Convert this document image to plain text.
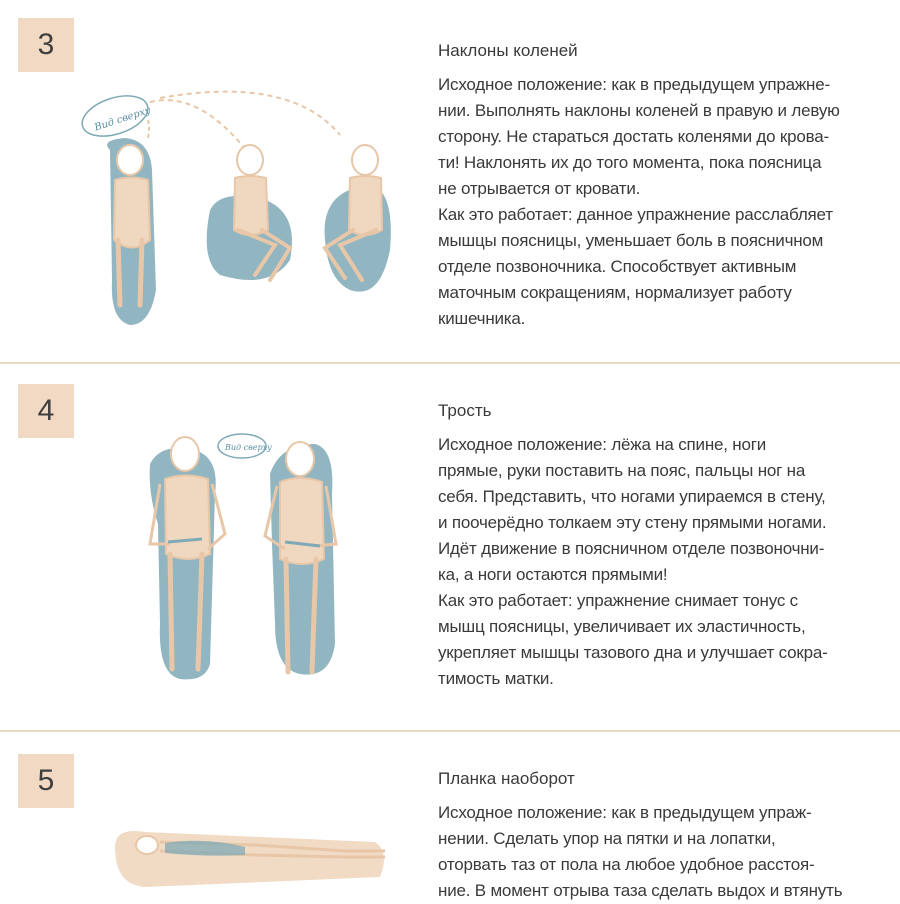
3
Вид сверху
Наклоны коленей
Исходное положение: как в предыдущем упражне-
нии. Выполнять наклоны коленей в правую и левую
сторону. Не стараться достать коленями до крова-
ти! Наклонять их до того момента, пока поясница
не отрывается от кровати.
Как это работает: данное упражнение расслабляет
мышцы поясницы, уменьшает боль в поясничном
отделе позвоночника. Способствует активным
маточным сокращениям, нормализует работу
кишечника.
4
Вид сверху
Трость
Исходное положение: лёжа на спине, ноги
прямые, руки поставить на пояс, пальцы ног на
себя. Представить, что ногами упираемся в стену,
и поочерёдно толкаем эту стену прямыми ногами.
Идёт движение в поясничном отделе позвоночни-
ка, а ноги остаются прямыми!
Как это работает: упражнение снимает тонус с
мышц поясницы, увеличивает их эластичность,
укрепляет мышцы тазового дна и улучшает сокра-
тимость матки.
5	Планка наоборот
Исходное положение: как в предыдущем упраж-
нении. Сделать упор на пятки и на лопатки,
оторвать таз от пола на любое удобное расстоя-
ние. В момент отрыва таза сделать выдох и втянуть
